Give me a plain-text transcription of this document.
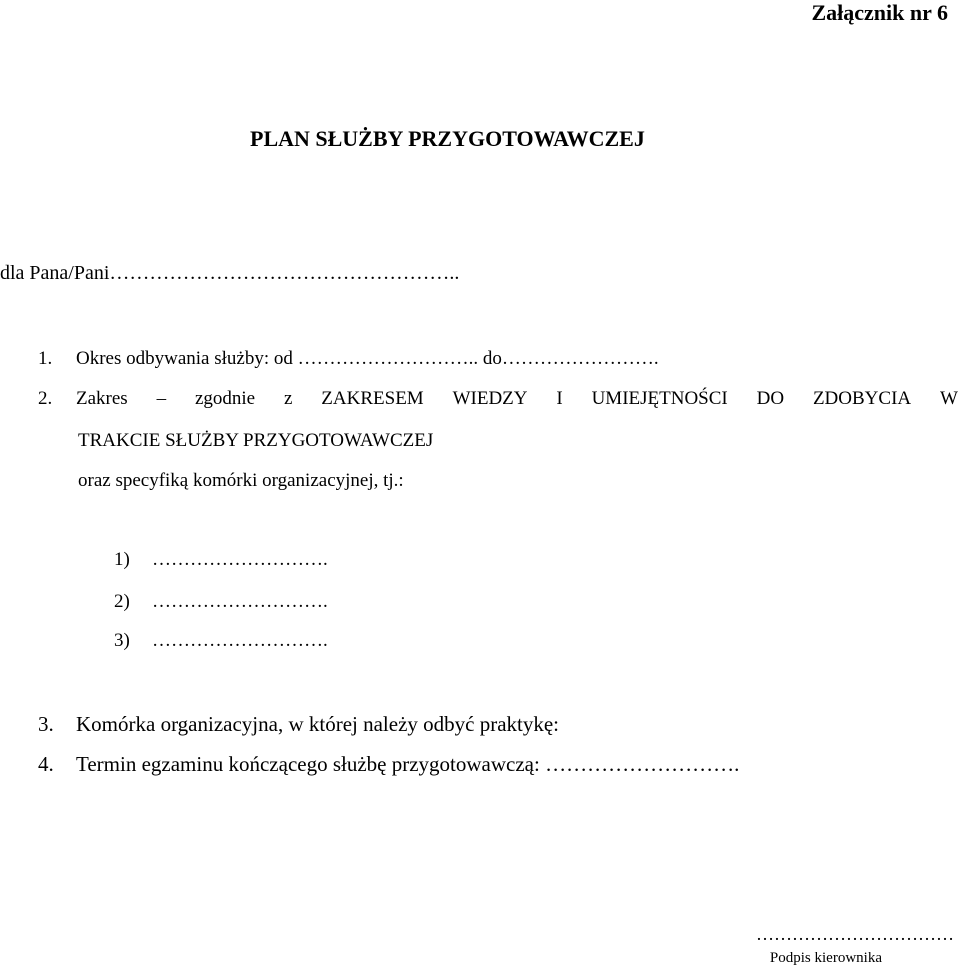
Załącznik nr 6
PLAN SŁUŻBY PRZYGOTOWAWCZEJ
dla Pana/Pani……………………………………………..
1. Okres odbywania służby: od ……………………….. do…………………….
2.	Zakres – zgodnie z ZAKRESEM WIEDZY I UMIEJĘTNOŚCI DO ZDOBYCIA W
TRAKCIE SŁUŻBY PRZYGOTOWAWCZEJ
oraz specyfiką komórki organizacyjnej, tj.:
1) ……………………….
2) ……………………….
3) ……………………….
3. Komórka organizacyjna, w której należy odbyć praktykę:
4. Termin egzaminu kończącego służbę przygotowawczą: ……………………….
……………………………
Podpis kierownika
